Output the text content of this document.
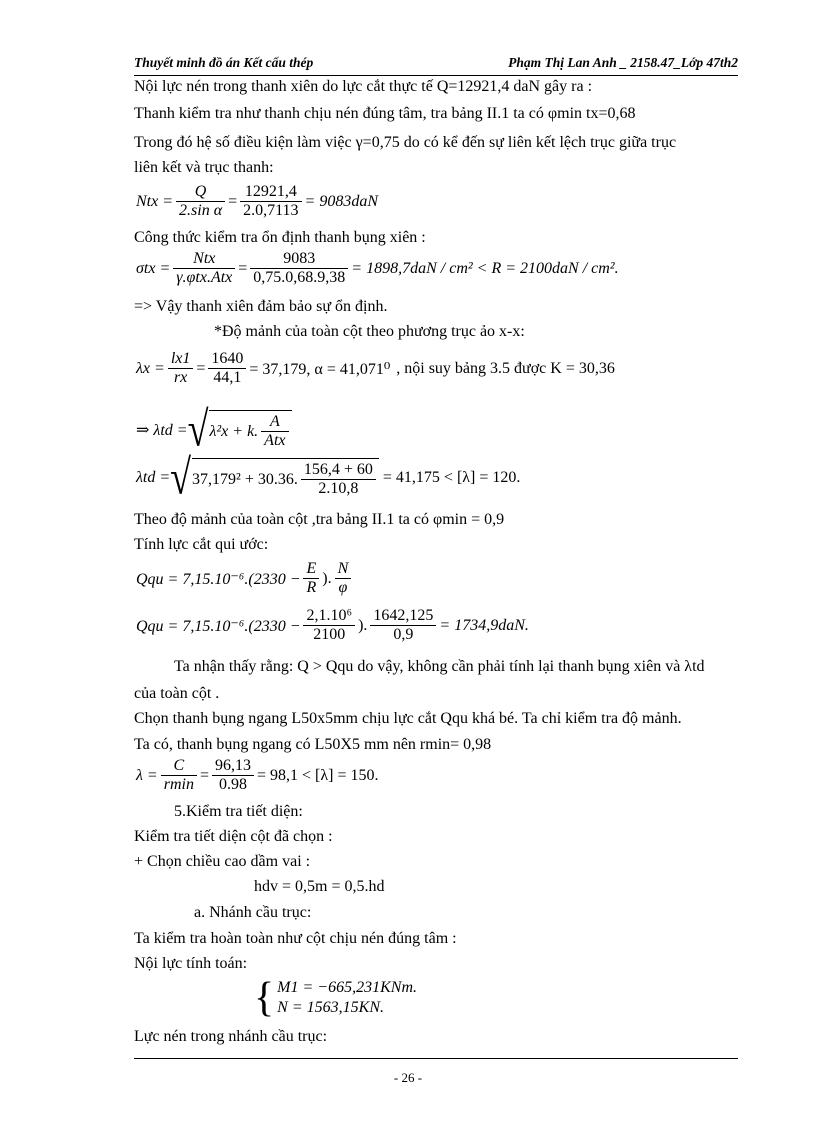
Thuyết minh đồ án Kết cấu thép	Phạm Thị Lan Anh _ 2158.47_Lớp 47th2
Nội lực nén trong thanh xiên do lực cắt thực tế Q=12921,4 daN gây ra :
Thanh kiểm tra như thanh chịu nén đúng tâm, tra bảng II.1 ta có φmin tx=0,68
Trong đó hệ số điều kiện làm việc γ=0,75 do có kể đến sự liên kết lệch trục giữa trục
liên kết và trục thanh:
Ntx = $\frac{Q}{\text{2.sin α}} = \frac{12921,4}{2.0,7113} = 9083daN$
Công thức kiểm tra ổn định thanh bụng xiên :
$\sigma tx = \frac{\text{Ntx}}{\text{γ.φtx.Atx}} = \frac{9083}{0,75.0,68.9,38} = 1898,7daN / cm^2 < R = 2100daN / cm^2$.
=> Vậy thanh xiên đảm bảo sự ổn định.
*Độ mảnh của toàn cột theo phương trục ảo x-x:
$\lambda x = \frac{lx1}{rx} = \frac{1640}{44,1} = 37,179$, α = 41,071⁰ , nội suy bảng 3.5 được K = 30,36
⇒ λtd = √ λ²x + k. $\frac{A}{\text{Atx}}$
λtd = √ 37,179² + 30.36. $\frac{156,4 + 60}{2.10,8} = 41,175 < [\lambda] = 120$.
Theo độ mảnh của toàn cột ,tra bảng II.1 ta có φmin = 0,9
Tính lực cắt qui ước:
Qqu = $7,15.10^{-6}.(2330 - \frac{E}{R}$ ). $\frac{N}{\varphi}$
Qqu = $7,15.10^{-6}.(2330 - \frac{\text{2,1.10⁶}}{2100}$ ). $\frac{1642,125}{0,9} = 1734,9daN$.
Ta nhận thấy rằng: Q > Qqu do vậy, không cần phải tính lại thanh bụng xiên và λtd
của toàn cột .
Chọn thanh bụng ngang L50x5mm chịu lực cắt Qqu khá bé. Ta chỉ kiểm tra độ mảnh.
Ta có, thanh bụng ngang có L50X5 mm nên rmin= 0,98
$\lambda = \frac{C}{rmin} = \frac{96,13}{0.98} = 98,1 < [\lambda] = 150$.
5.Kiểm tra tiết diện:
Kiểm tra tiết diện cột đã chọn :
+ Chọn chiều cao dầm vai :
hdv = 0,5m = 0,5.hd
a. Nhánh cầu trục:
Ta kiểm tra hoàn toàn như cột chịu nén đúng tâm :
Nội lực tính toán:
{ M1 = −665,231KNm.
N = 1563,15KN.
Lực nén trong nhánh cầu trục:
- 26 -
